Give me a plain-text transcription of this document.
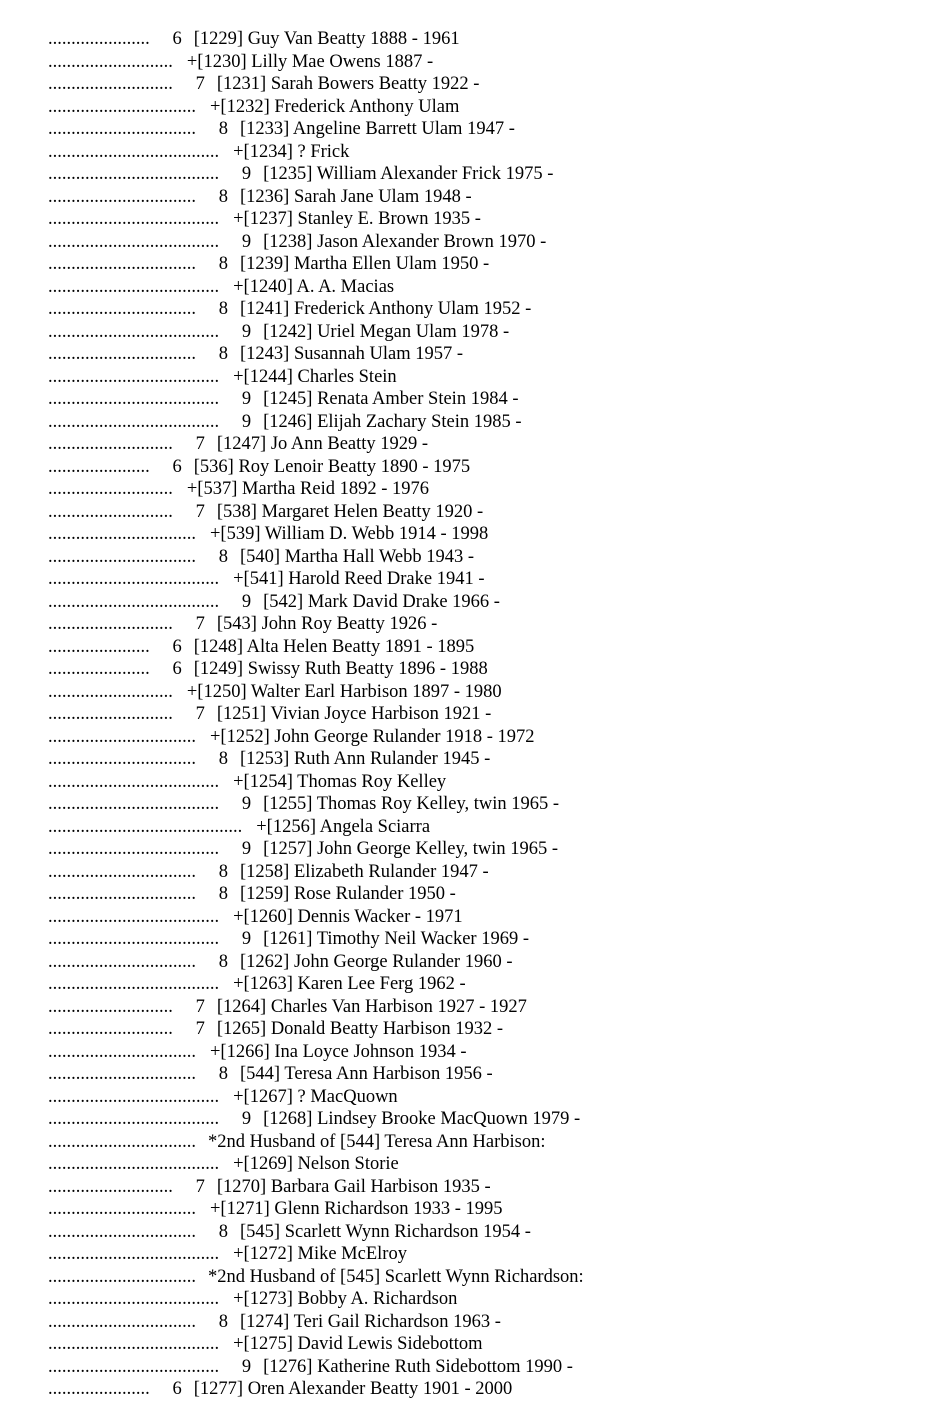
...................... 6 [1229] Guy Van Beatty 1888 - 1961
........................... +[1230] Lilly Mae Owens 1887 -
........................... 7 [1231] Sarah Bowers Beatty 1922 -
................................ +[1232] Frederick Anthony Ulam
................................ 8 [1233] Angeline Barrett Ulam 1947 -
..................................... +[1234] ? Frick
..................................... 9 [1235] William Alexander Frick 1975 -
................................ 8 [1236] Sarah Jane Ulam 1948 -
..................................... +[1237] Stanley E. Brown 1935 -
..................................... 9 [1238] Jason Alexander Brown 1970 -
................................ 8 [1239] Martha Ellen Ulam 1950 -
..................................... +[1240] A. A. Macias
................................ 8 [1241] Frederick Anthony Ulam 1952 -
..................................... 9 [1242] Uriel Megan Ulam 1978 -
................................ 8 [1243] Susannah Ulam 1957 -
..................................... +[1244] Charles Stein
..................................... 9 [1245] Renata Amber Stein 1984 -
..................................... 9 [1246] Elijah Zachary Stein 1985 -
........................... 7 [1247] Jo Ann Beatty 1929 -
...................... 6 [536] Roy Lenoir Beatty 1890 - 1975
........................... +[537] Martha Reid 1892 - 1976
........................... 7 [538] Margaret Helen Beatty 1920 -
................................ +[539] William D. Webb 1914 - 1998
................................ 8 [540] Martha Hall Webb 1943 -
..................................... +[541] Harold Reed Drake 1941 -
..................................... 9 [542] Mark David Drake 1966 -
........................... 7 [543] John Roy Beatty 1926 -
...................... 6 [1248] Alta Helen Beatty 1891 - 1895
...................... 6 [1249] Swissy Ruth Beatty 1896 - 1988
........................... +[1250] Walter Earl Harbison 1897 - 1980
........................... 7 [1251] Vivian Joyce Harbison 1921 -
................................ +[1252] John George Rulander 1918 - 1972
................................ 8 [1253] Ruth Ann Rulander 1945 -
..................................... +[1254] Thomas Roy Kelley
..................................... 9 [1255] Thomas Roy Kelley, twin 1965 -
.......................................... +[1256] Angela Sciarra
..................................... 9 [1257] John George Kelley, twin 1965 -
................................ 8 [1258] Elizabeth Rulander 1947 -
................................ 8 [1259] Rose Rulander 1950 -
..................................... +[1260] Dennis Wacker - 1971
..................................... 9 [1261] Timothy Neil Wacker 1969 -
................................ 8 [1262] John George Rulander 1960 -
..................................... +[1263] Karen Lee Ferg 1962 -
........................... 7 [1264] Charles Van Harbison 1927 - 1927
........................... 7 [1265] Donald Beatty Harbison 1932 -
................................ +[1266] Ina Loyce Johnson 1934 -
................................ 8 [544] Teresa Ann Harbison 1956 -
..................................... +[1267] ? MacQuown
..................................... 9 [1268] Lindsey Brooke MacQuown 1979 -
................................ *2nd Husband of [544] Teresa Ann Harbison:
..................................... +[1269] Nelson Storie
........................... 7 [1270] Barbara Gail Harbison 1935 -
................................ +[1271] Glenn Richardson 1933 - 1995
................................ 8 [545] Scarlett Wynn Richardson 1954 -
..................................... +[1272] Mike McElroy
................................ *2nd Husband of [545] Scarlett Wynn Richardson:
..................................... +[1273] Bobby A. Richardson
................................ 8 [1274] Teri Gail Richardson 1963 -
..................................... +[1275] David Lewis Sidebottom
..................................... 9 [1276] Katherine Ruth Sidebottom 1990 -
...................... 6 [1277] Oren Alexander Beatty 1901 - 2000
